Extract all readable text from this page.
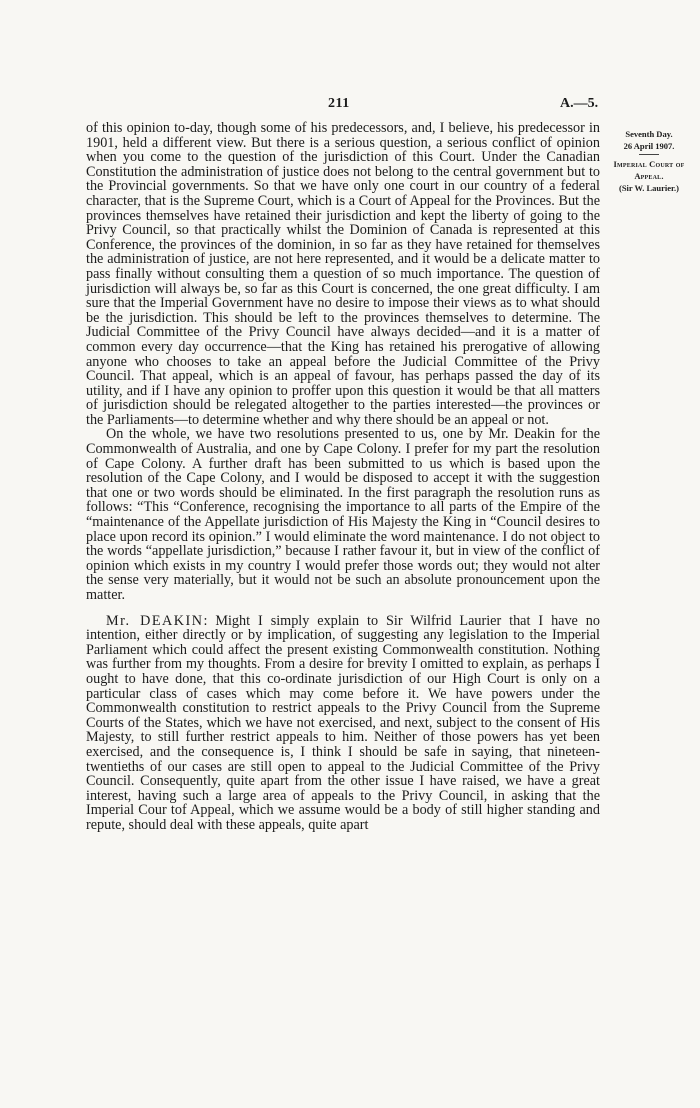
211	A.—5.
Seventh Day.
26 April 1907.
Imperial Court of Appeal.
(Sir W. Laurier.)

of this opinion to-day, though some of his predecessors, and, I believe, his predecessor in 1901, held a different view. But there is a serious question, a serious conflict of opinion when you come to the question of the jurisdiction of this Court. Under the Canadian Constitution the administration of justice does not belong to the central government but to the Provincial governments. So that we have only one court in our country of a federal character, that is the Supreme Court, which is a Court of Appeal for the Provinces. But the provinces themselves have retained their jurisdiction and kept the liberty of going to the Privy Council, so that practically whilst the Dominion of Canada is represented at this Conference, the provinces of the dominion, in so far as they have retained for themselves the administration of justice, are not here represented, and it would be a delicate matter to pass finally without consulting them a question of so much importance. The question of jurisdiction will always be, so far as this Court is concerned, the one great difficulty. I am sure that the Imperial Government have no desire to impose their views as to what should be the jurisdiction. This should be left to the provinces themselves to determine. The Judicial Committee of the Privy Council have always decided—and it is a matter of common every day occurrence—that the King has retained his prerogative of allowing anyone who chooses to take an appeal before the Judicial Committee of the Privy Council. That appeal, which is an appeal of favour, has perhaps passed the day of its utility, and if I have any opinion to proffer upon this question it would be that all matters of jurisdiction should be relegated altogether to the parties interested—the provinces or the Parliaments—to determine whether and why there should be an appeal or not.

On the whole, we have two resolutions presented to us, one by Mr. Deakin for the Commonwealth of Australia, and one by Cape Colony. I prefer for my part the resolution of Cape Colony. A further draft has been submitted to us which is based upon the resolution of the Cape Colony, and I would be disposed to accept it with the suggestion that one or two words should be eliminated. In the first paragraph the resolution runs as follows: “This “Conference, recognising the importance to all parts of the Empire of the “maintenance of the Appellate jurisdiction of His Majesty the King in “Council desires to place upon record its opinion.” I would eliminate the word maintenance. I do not object to the words “appellate jurisdiction,” because I rather favour it, but in view of the conflict of opinion which exists in my country I would prefer those words out; they would not alter the sense very materially, but it would not be such an absolute pronouncement upon the matter.

Mr. DEAKIN: Might I simply explain to Sir Wilfrid Laurier that I have no intention, either directly or by implication, of suggesting any legislation to the Imperial Parliament which could affect the present existing Commonwealth constitution. Nothing was further from my thoughts. From a desire for brevity I omitted to explain, as perhaps I ought to have done, that this co-ordinate jurisdiction of our High Court is only on a particular class of cases which may come before it. We have powers under the Commonwealth constitution to restrict appeals to the Privy Council from the Supreme Courts of the States, which we have not exercised, and next, subject to the consent of His Majesty, to still further restrict appeals to him. Neither of those powers has yet been exercised, and the consequence is, I think I should be safe in saying, that nineteen-twentieths of our cases are still open to appeal to the Judicial Committee of the Privy Council. Consequently, quite apart from the other issue I have raised, we have a great interest, having such a large area of appeals to the Privy Council, in asking that the Imperial Cour tof Appeal, which we assume would be a body of still higher standing and repute, should deal with these appeals, quite apart
